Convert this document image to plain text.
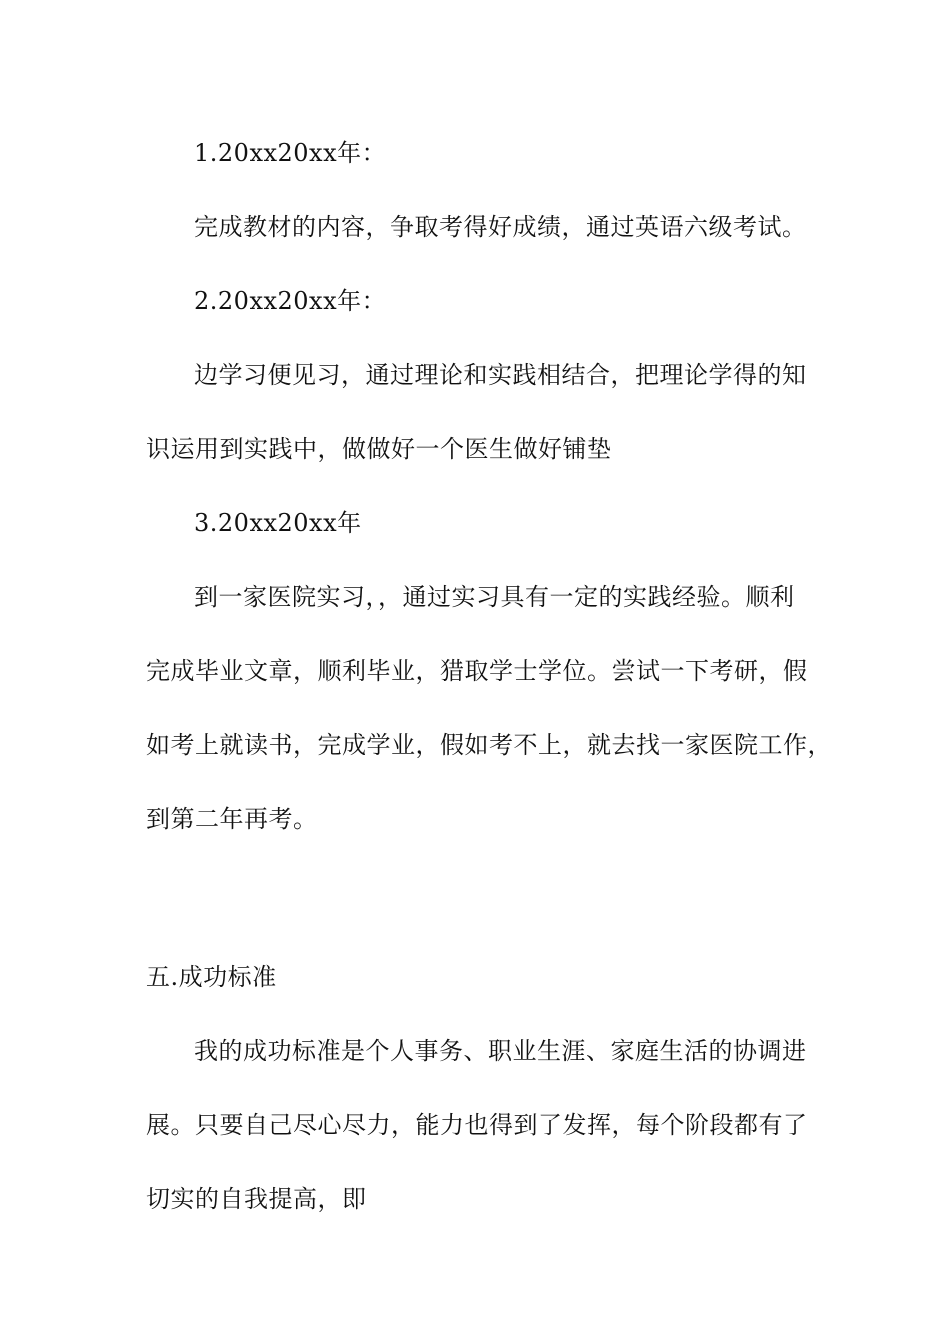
1.20xx20xx年：
完成教材的内容，争取考得好成绩，通过英语六级考试。
2.20xx20xx年：
边学习便见习，通过理论和实践相结合，把理论学得的知
识运用到实践中，做做好一个医生做好铺垫
3.20xx20xx年
到一家医院实习，，通过实习具有一定的实践经验。顺利
完成毕业文章，顺利毕业，猎取学士学位。尝试一下考研，假
如考上就读书，完成学业，假如考不上，就去找一家医院工作，
到第二年再考。
五.成功标准
我的成功标准是个人事务、职业生涯、家庭生活的协调进
展。只要自己尽心尽力，能力也得到了发挥，每个阶段都有了
切实的自我提高，即
